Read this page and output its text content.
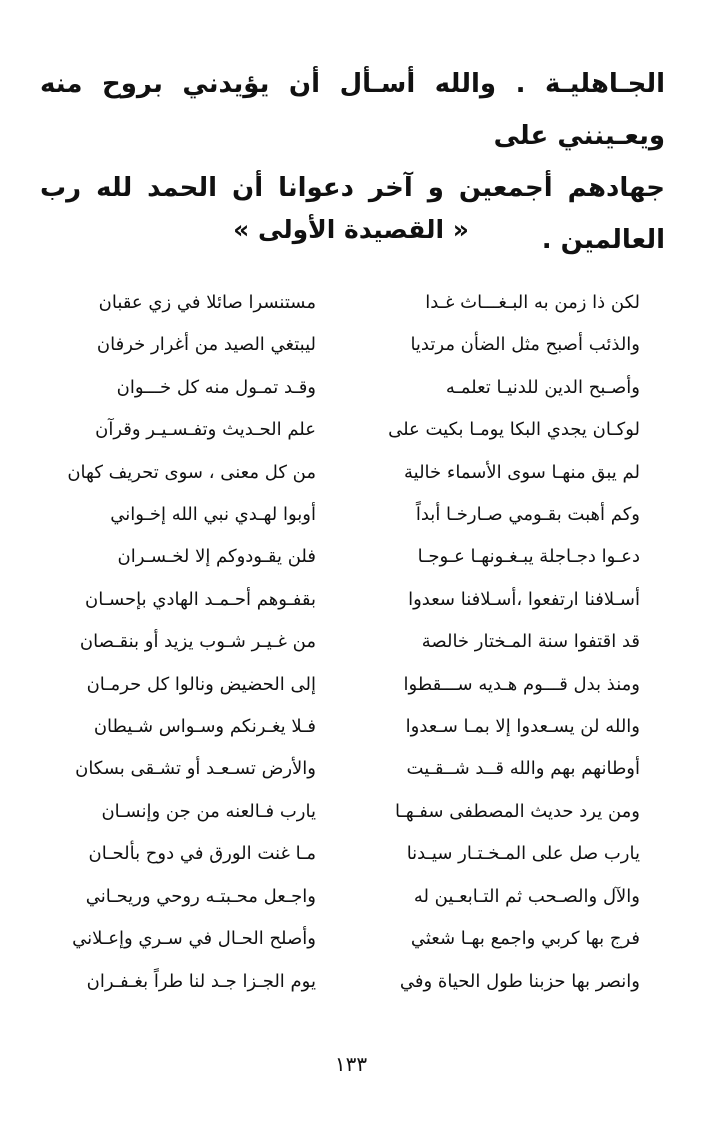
الجـاهليـة . والله أسـأل أن يؤيدني بروح منه ويعـينني على
جهادهم أجمعين و آخر دعوانا أن الحمد لله رب العالمين .
« القصيدة الأولى »
لكن ذا زمن به البـغـــاث غـدا
والذئب أصبح مثل الضأن مرتديا
وأصـبح الدين للدنيـا تعلمـه
لوكـان يجدي البكا يومـا بكيت على
لم يبق منهـا سوى الأسماء خالية
وكم أهبت بقـومي صـارخـا أبداً
دعـوا دجـاجلة يبـغـونهـا عـوجـا
أسـلافنا ارتفعوا ،أسـلافنا سعدوا
قد اقتفوا سنة المـختار خالصة
ومنذ بدل قـــوم هـديه ســـقطوا
والله لن يسـعدوا إلا بمـا سـعدوا
أوطانهم بهم والله قــد شــقـيت
ومن يرد حديث المصطفى سفـهـا
يارب صل على المـخـتـار سيـدنا
والآل والصـحب ثم التـابعـين له
فرج بها كربي واجمع بهـا شعثي
وانصر بها حزبنا طول الحياة وفي
مستنسرا صائلا في زي عقبان
ليبتغي الصيد من أغرار خرفان
وقـد تمـول منه كل خـــوان
علم الحـديث وتفـسـيـر وقرآن
من كل معنى ، سوى تحريف كهان
أوبوا لهـدي نبي الله إخـواني
فلن يقـودوكم إلا لخـسـران
بقفـوهم أحـمـد الهادي بإحسـان
من غـيـر شـوب يزيد أو بنقـصان
إلى الحضيض ونالوا كل حرمـان
فـلا يغـرنكم وسـواس شـيطان
والأرض تسـعـد أو تشـقى بسكان
يارب فـالعنه من جن وإنسـان
مـا غنت الورق في دوح بألحـان
واجـعل محـبتـه روحي وريحـاني
وأصلح الحـال في سـري وإعـلاني
يوم الجـزا جـد لنا طراً بغـفـران
١٣٣
